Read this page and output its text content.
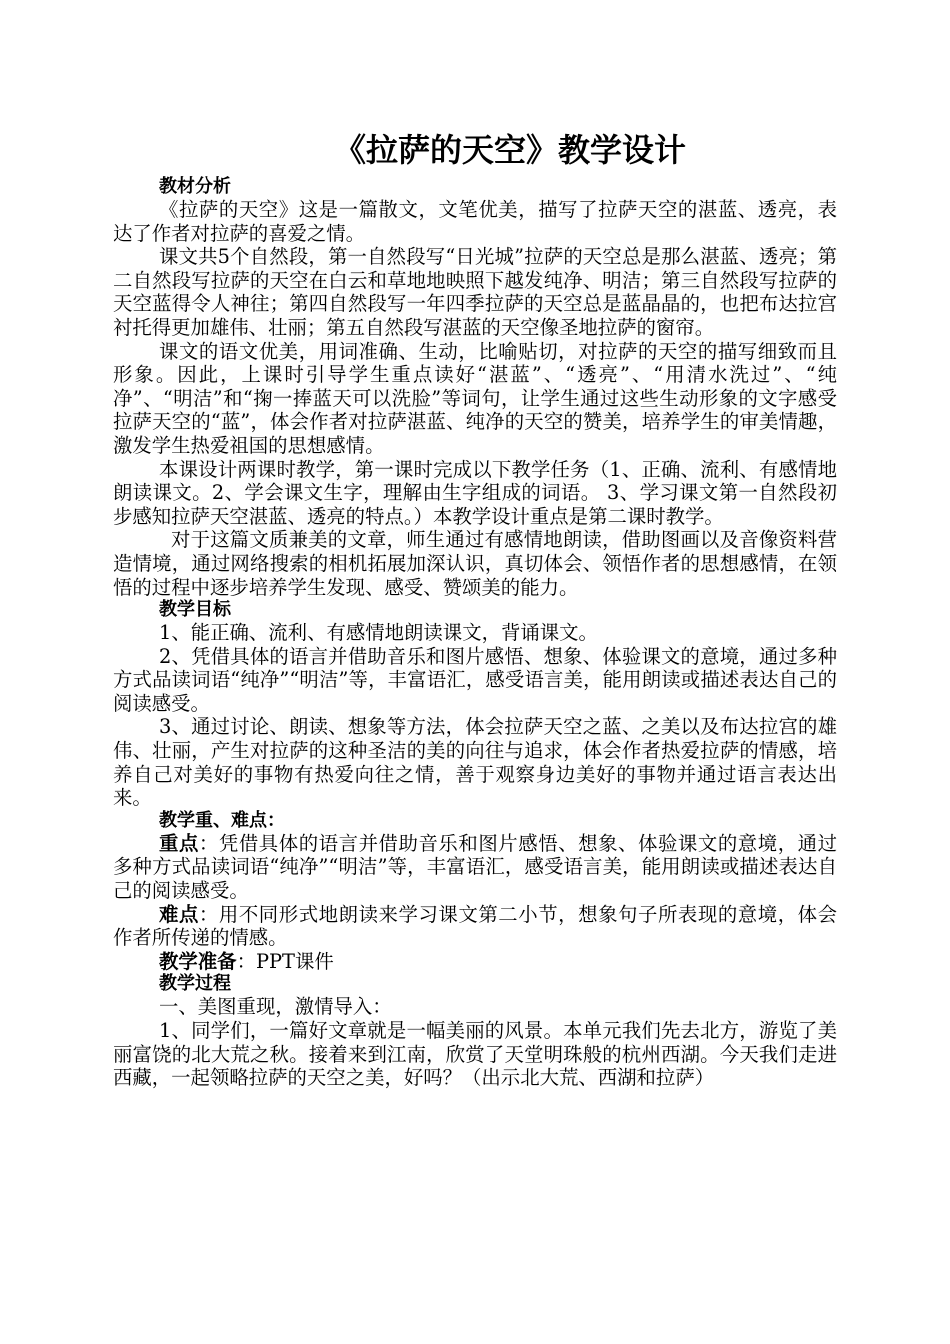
《拉萨的天空》教学设计
教材分析

《拉萨的天空》这是一篇散文，文笔优美，描写了拉萨天空的湛蓝、透亮，表达了作者对拉萨的喜爱之情。

课文共5个自然段，第一自然段写“日光城”拉萨的天空总是那么湛蓝、透亮；第二自然段写拉萨的天空在白云和草地地映照下越发纯净、明洁；第三自然段写拉萨的天空蓝得令人神往；第四自然段写一年四季拉萨的天空总是蓝晶晶的，也把布达拉宫衬托得更加雄伟、壮丽；第五自然段写湛蓝的天空像圣地拉萨的窗帘。

课文的语文优美，用词准确、生动，比喻贴切，对拉萨的天空的描写细致而且形象。因此，上课时引导学生重点读好“湛蓝”、“透亮”、“用清水洗过”、“纯净”、“明洁”和“掬一捧蓝天可以洗脸”等词句，让学生通过这些生动形象的文字感受拉萨天空的“蓝”，体会作者对拉萨湛蓝、纯净的天空的赞美，培养学生的审美情趣，激发学生热爱祖国的思想感情。

本课设计两课时教学，第一课时完成以下教学任务（1、正确、流利、有感情地朗读课文。2、学会课文生字，理解由生字组成的词语。 3、学习课文第一自然段初步感知拉萨天空湛蓝、透亮的特点。）本教学设计重点是第二课时教学。

对于这篇文质兼美的文章，师生通过有感情地朗读，借助图画以及音像资料营造情境，通过网络搜索的相机拓展加深认识，真切体会、领悟作者的思想感情，在领悟的过程中逐步培养学生发现、感受、赞颂美的能力。

教学目标

1、能正确、流利、有感情地朗读课文，背诵课文。

2、凭借具体的语言并借助音乐和图片感悟、想象、体验课文的意境，通过多种方式品读词语“纯净”“明洁”等，丰富语汇，感受语言美，能用朗读或描述表达自己的阅读感受。

3、通过讨论、朗读、想象等方法，体会拉萨天空之蓝、之美以及布达拉宫的雄伟、壮丽，产生对拉萨的这种圣洁的美的向往与追求，体会作者热爱拉萨的情感，培养自己对美好的事物有热爱向往之情，善于观察身边美好的事物并通过语言表达出来。

教学重、难点：

重点：凭借具体的语言并借助音乐和图片感悟、想象、体验课文的意境，通过多种方式品读词语“纯净”“明洁”等，丰富语汇，感受语言美，能用朗读或描述表达自己的阅读感受。

难点：用不同形式地朗读来学习课文第二小节，想象句子所表现的意境，体会作者所传递的情感。

教学准备：PPT课件

教学过程

一、美图重现，激情导入：

1、同学们，一篇好文章就是一幅美丽的风景。本单元我们先去北方，游览了美丽富饶的北大荒之秋。接着来到江南，欣赏了天堂明珠般的杭州西湖。今天我们走进西藏，一起领略拉萨的天空之美，好吗？（出示北大荒、西湖和拉萨）
